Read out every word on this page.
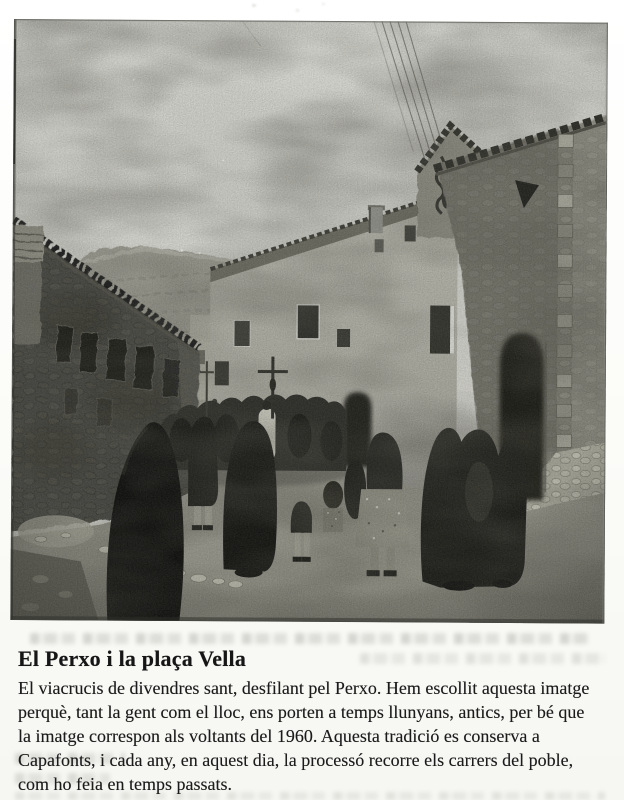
El Perxo i la plaça Vella
El viacrucis de divendres sant, desfilant pel Perxo. Hem escollit aquesta imatge
perquè, tant la gent com el lloc, ens porten a temps llunyans, antics, per bé que
la imatge correspon als voltants del 1960. Aquesta tradició es conserva a
Capafonts, i cada any, en aquest dia, la processó recorre els carrers del poble,
com ho feia en temps passats.
